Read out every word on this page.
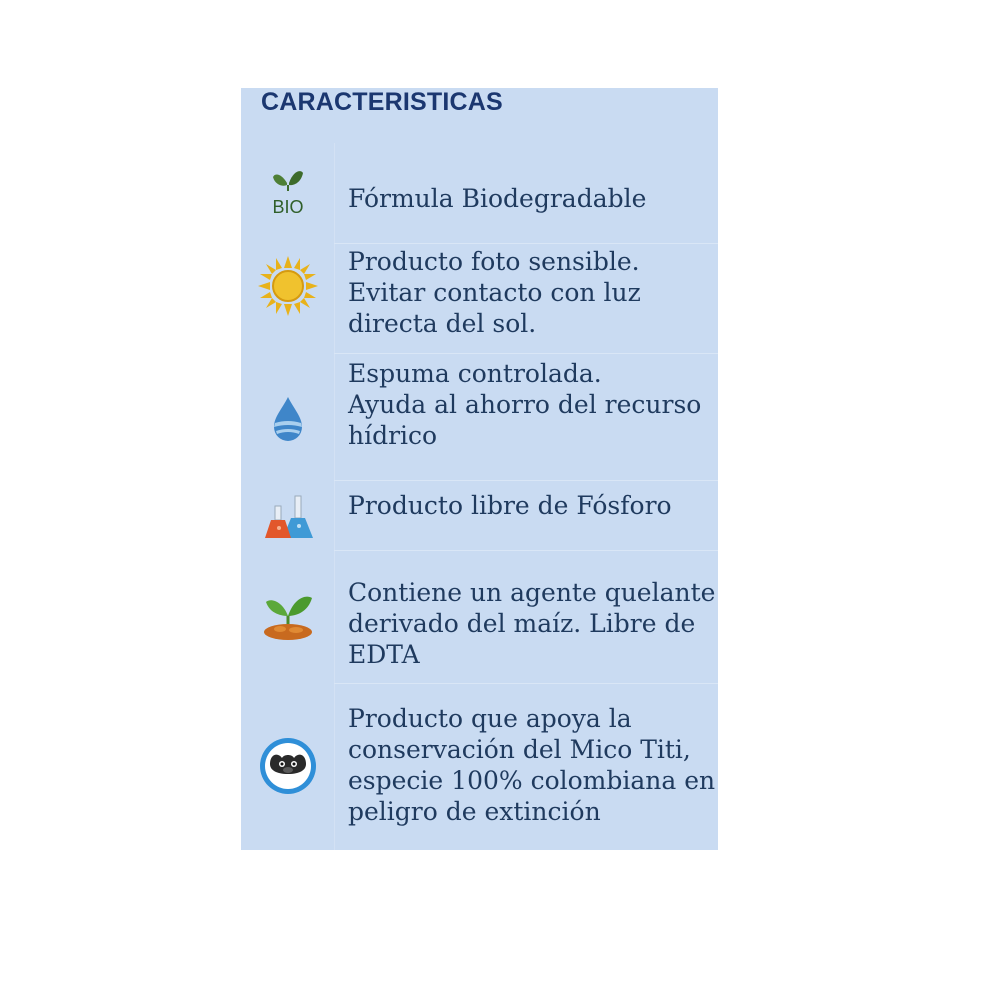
CARACTERISTICAS
BIO Fórmula Biodegradable
Producto foto sensible. Evitar contacto con luz directa del sol.
Espuma controlada.
Ayuda al ahorro del recurso hídrico
Producto libre de Fósforo
Contiene un agente quelante derivado del maíz. Libre de EDTA
Producto que apoya la conservación del Mico Titi, especie 100% colombiana en peligro de extinción
